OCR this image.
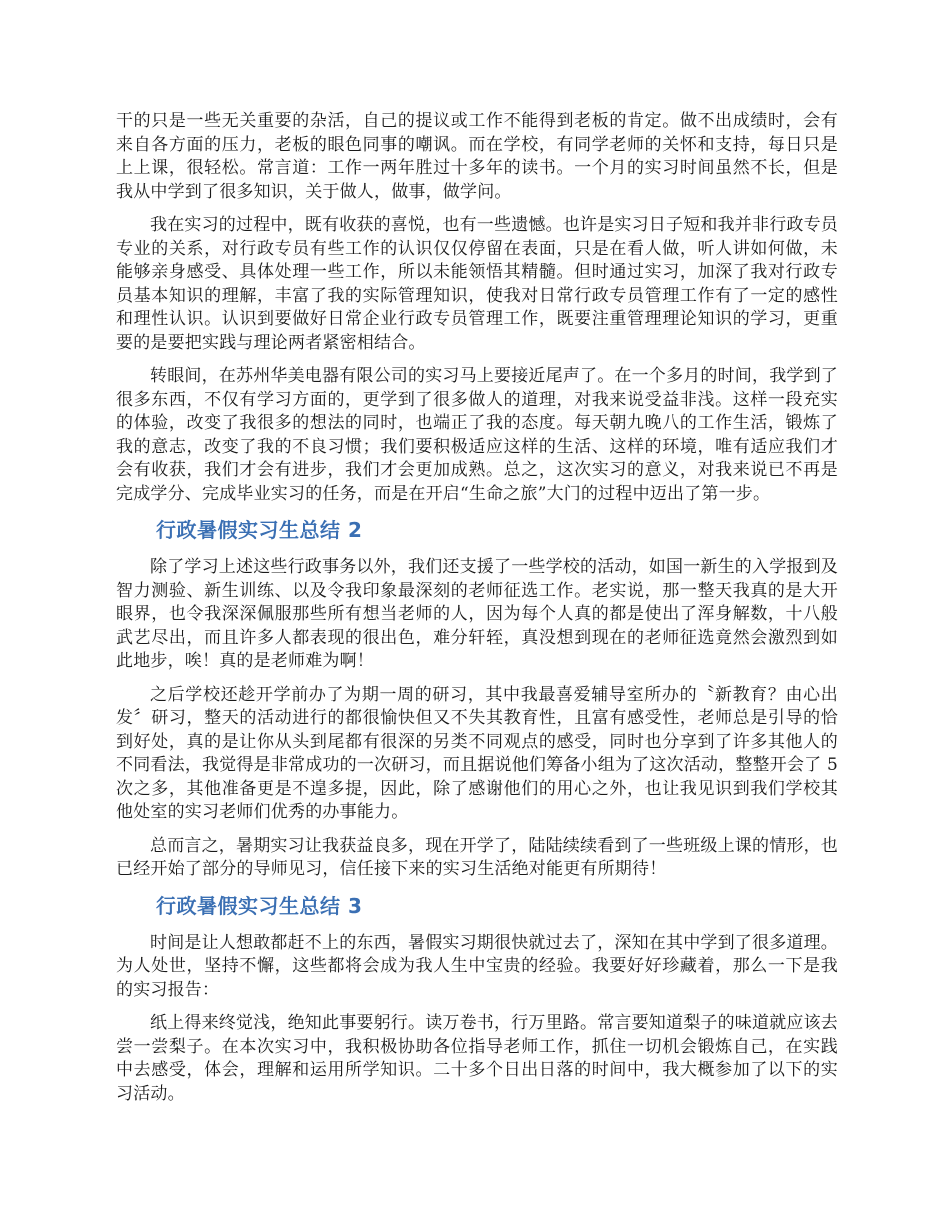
干的只是一些无关重要的杂活，自己的提议或工作不能得到老板的肯定。做不出成绩时，会有来自各方面的压力，老板的眼色同事的嘲讽。而在学校，有同学老师的关怀和支持，每日只是上上课，很轻松。常言道：工作一两年胜过十多年的读书。一个月的实习时间虽然不长，但是我从中学到了很多知识，关于做人，做事，做学问。

我在实习的过程中，既有收获的喜悦，也有一些遗憾。也许是实习日子短和我并非行政专员专业的关系，对行政专员有些工作的认识仅仅停留在表面，只是在看人做，听人讲如何做，未能够亲身感受、具体处理一些工作，所以未能领悟其精髓。但时通过实习，加深了我对行政专员基本知识的理解，丰富了我的实际管理知识，使我对日常行政专员管理工作有了一定的感性和理性认识。认识到要做好日常企业行政专员管理工作，既要注重管理理论知识的学习，更重要的是要把实践与理论两者紧密相结合。

转眼间，在苏州华美电器有限公司的实习马上要接近尾声了。在一个多月的时间，我学到了很多东西，不仅有学习方面的，更学到了很多做人的道理，对我来说受益非浅。这样一段充实的体验，改变了我很多的想法的同时，也端正了我的态度。每天朝九晚八的工作生活，锻炼了我的意志，改变了我的不良习惯；我们要积极适应这样的生活、这样的环境，唯有适应我们才会有收获，我们才会有进步，我们才会更加成熟。总之，这次实习的意义，对我来说已不再是完成学分、完成毕业实习的任务，而是在开启“生命之旅”大门的过程中迈出了第一步。

行政暑假实习生总结 2

除了学习上述这些行政事务以外，我们还支援了一些学校的活动，如国一新生的入学报到及智力测验、新生训练、以及令我印象最深刻的老师征选工作。老实说，那一整天我真的是大开眼界，也令我深深佩服那些所有想当老师的人，因为每个人真的都是使出了浑身解数，十八般武艺尽出，而且许多人都表现的很出色，难分轩轾，真没想到现在的老师征选竟然会激烈到如此地步，唉！真的是老师难为啊！

之后学校还趁开学前办了为期一周的研习，其中我最喜爱辅导室所办的〝新教育？由心出发〞研习，整天的活动进行的都很愉快但又不失其教育性，且富有感受性，老师总是引导的恰到好处，真的是让你从头到尾都有很深的另类不同观点的感受，同时也分享到了许多其他人的不同看法，我觉得是非常成功的一次研习，而且据说他们筹备小组为了这次活动，整整开会了 5 次之多，其他准备更是不遑多提，因此，除了感谢他们的用心之外，也让我见识到我们学校其他处室的实习老师们优秀的办事能力。

总而言之，暑期实习让我获益良多，现在开学了，陆陆续续看到了一些班级上课的情形，也已经开始了部分的导师见习，信任接下来的实习生活绝对能更有所期待！

行政暑假实习生总结 3

时间是让人想敢都赶不上的东西，暑假实习期很快就过去了，深知在其中学到了很多道理。为人处世，坚持不懈，这些都将会成为我人生中宝贵的经验。我要好好珍藏着，那么一下是我的实习报告：

纸上得来终觉浅，绝知此事要躬行。读万卷书，行万里路。常言要知道梨子的味道就应该去尝一尝梨子。在本次实习中，我积极协助各位指导老师工作，抓住一切机会锻炼自己，在实践中去感受，体会，理解和运用所学知识。二十多个日出日落的时间中，我大概参加了以下的实习活动。
